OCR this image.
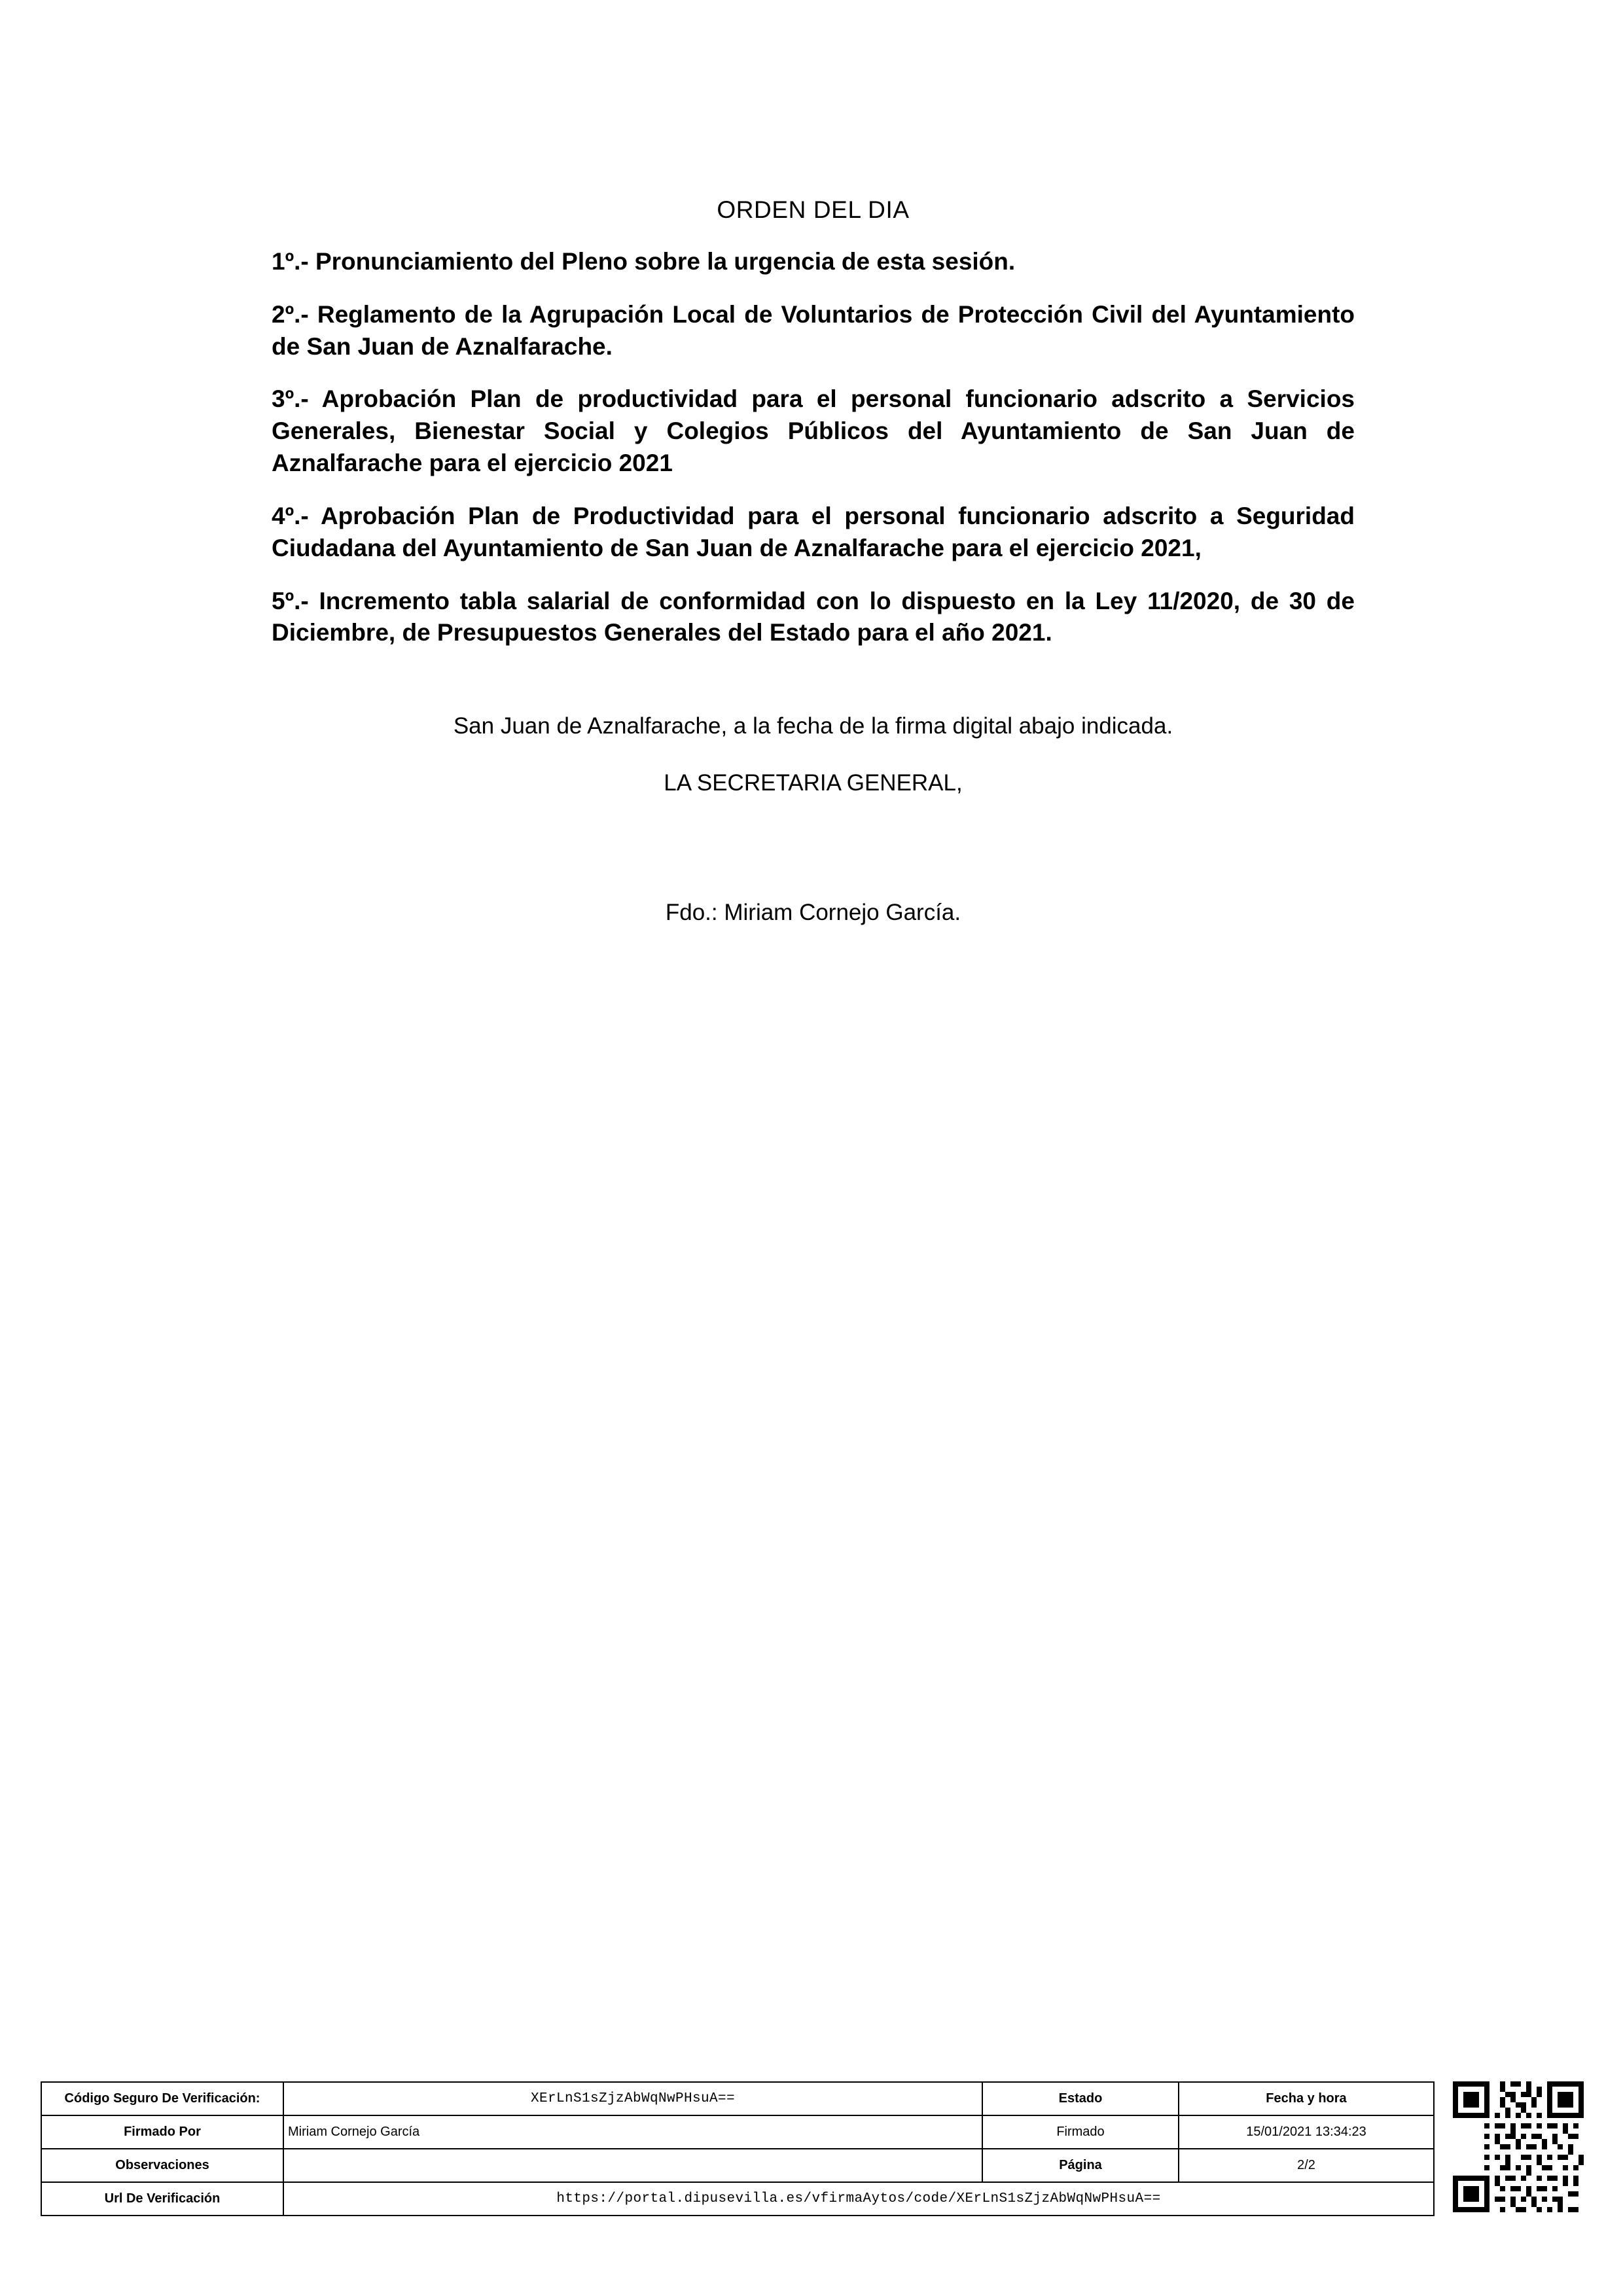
ORDEN DEL DIA

1º.- Pronunciamiento del Pleno sobre la urgencia de esta sesión.

2º.- Reglamento de la Agrupación Local de Voluntarios de Protección Civil del Ayuntamiento de San Juan de Aznalfarache.

3º.- Aprobación Plan de productividad para el personal funcionario adscrito a Servicios Generales, Bienestar Social y Colegios Públicos del Ayuntamiento de San Juan de Aznalfarache para el ejercicio 2021

4º.- Aprobación Plan de Productividad para el personal funcionario adscrito a Seguridad Ciudadana del Ayuntamiento de San Juan de Aznalfarache para el ejercicio 2021,

5º.- Incremento tabla salarial de conformidad con lo dispuesto en la Ley 11/2020, de 30 de Diciembre, de Presupuestos Generales del Estado para el año 2021.

San Juan de Aznalfarache, a la fecha de la firma digital abajo indicada.
LA SECRETARIA GENERAL,
Fdo.: Miriam Cornejo García.
Código Seguro De Verificación:	XErLnS1sZjzAbWqNwPHsuA==	Estado	Fecha y hora
Firmado Por	Miriam Cornejo García	Firmado	15/01/2021 13:34:23
Observaciones		Página	2/2
Url De Verificación	https://portal.dipusevilla.es/vfirmaAytos/code/XErLnS1sZjzAbWqNwPHsuA==		
